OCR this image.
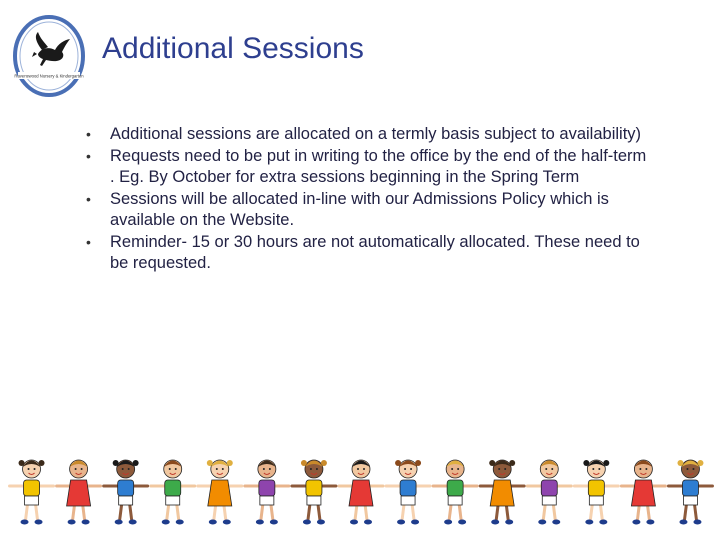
Ravenswood Nursery & Kindergarten
Additional Sessions
• Additional sessions are allocated on a termly basis subject to availability)
• Requests need to be put in writing to the office by the end of the half-term . Eg. By October for extra sessions beginning in the Spring Term
• Sessions will be allocated in-line with our Admissions Policy which is available on the Website.
• Reminder- 15 or 30 hours are not automatically allocated. These need to be requested.
